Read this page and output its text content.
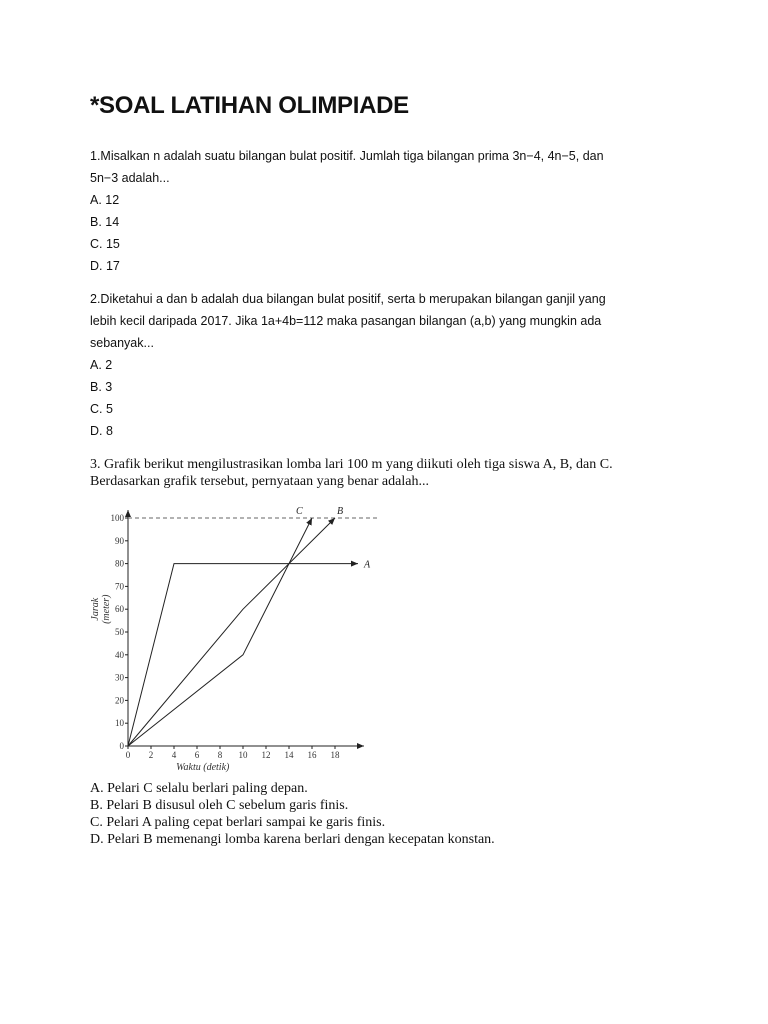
*SOAL LATIHAN OLIMPIADE
1.Misalkan n adalah suatu bilangan bulat positif. Jumlah tiga bilangan prima 3n−4, 4n−5, dan
5n−3 adalah...
A. 12
B. 14
C. 15
D. 17
2.Diketahui a dan b adalah dua bilangan bulat positif, serta b merupakan bilangan ganjil yang
lebih kecil daripada 2017. Jika 1a+4b=112 maka pasangan bilangan (a,b) yang mungkin ada
sebanyak...
A. 2
B. 3
C. 5
D. 8
3. Grafik berikut mengilustrasikan lomba lari 100 m yang diikuti oleh tiga siswa A, B, dan C.
Berdasarkan grafik tersebut, pernyataan yang benar adalah...
Jarak (meter)
Waktu (detik)
0
10
20
30
40
50
60
70
80
90
100
0 2 4 6 8 10 12 14 16 18
A
B
C
A. Pelari C selalu berlari paling depan.
B. Pelari B disusul oleh C sebelum garis finis.
C. Pelari A paling cepat berlari sampai ke garis finis.
D. Pelari B memenangi lomba karena berlari dengan kecepatan konstan.
